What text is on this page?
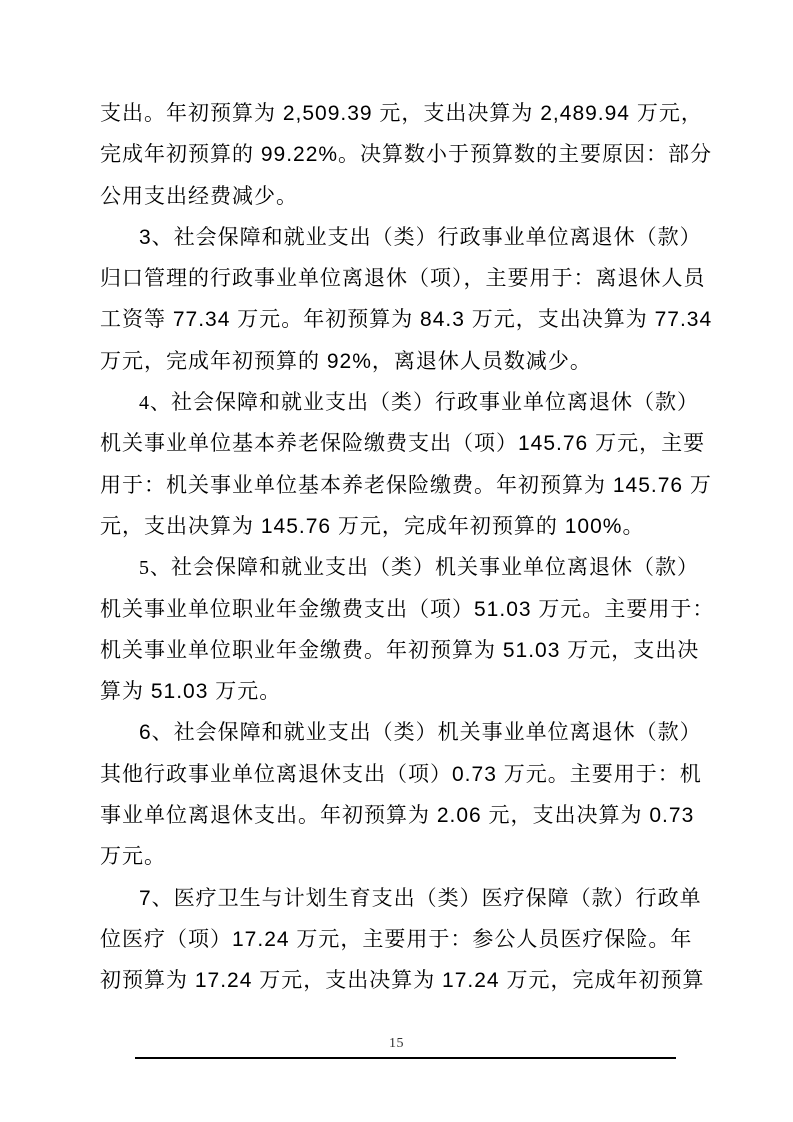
支出。年初预算为 2,509.39 元，支出决算为 2,489.94 万元，
完成年初预算的 99.22%。决算数小于预算数的主要原因：部分
公用支出经费减少。
3、社会保障和就业支出（类）行政事业单位离退休（款）
归口管理的行政事业单位离退休（项），主要用于：离退休人员
工资等 77.34 万元。年初预算为 84.3 万元，支出决算为 77.34
万元，完成年初预算的 92%，离退休人员数减少。
4、社会保障和就业支出（类）行政事业单位离退休（款）
机关事业单位基本养老保险缴费支出（项）145.76 万元，主要
用于：机关事业单位基本养老保险缴费。年初预算为 145.76 万
元，支出决算为 145.76 万元，完成年初预算的 100%。
5、社会保障和就业支出（类）机关事业单位离退休（款）
机关事业单位职业年金缴费支出（项）51.03 万元。主要用于：
机关事业单位职业年金缴费。年初预算为 51.03 万元，支出决
算为 51.03 万元。
6、社会保障和就业支出（类）机关事业单位离退休（款）
其他行政事业单位离退休支出（项）0.73 万元。主要用于：机
事业单位离退休支出。年初预算为 2.06 元，支出决算为 0.73
万元。
7、医疗卫生与计划生育支出（类）医疗保障（款）行政单
位医疗（项）17.24 万元，主要用于：参公人员医疗保险。年
初预算为 17.24 万元，支出决算为 17.24 万元，完成年初预算
15
